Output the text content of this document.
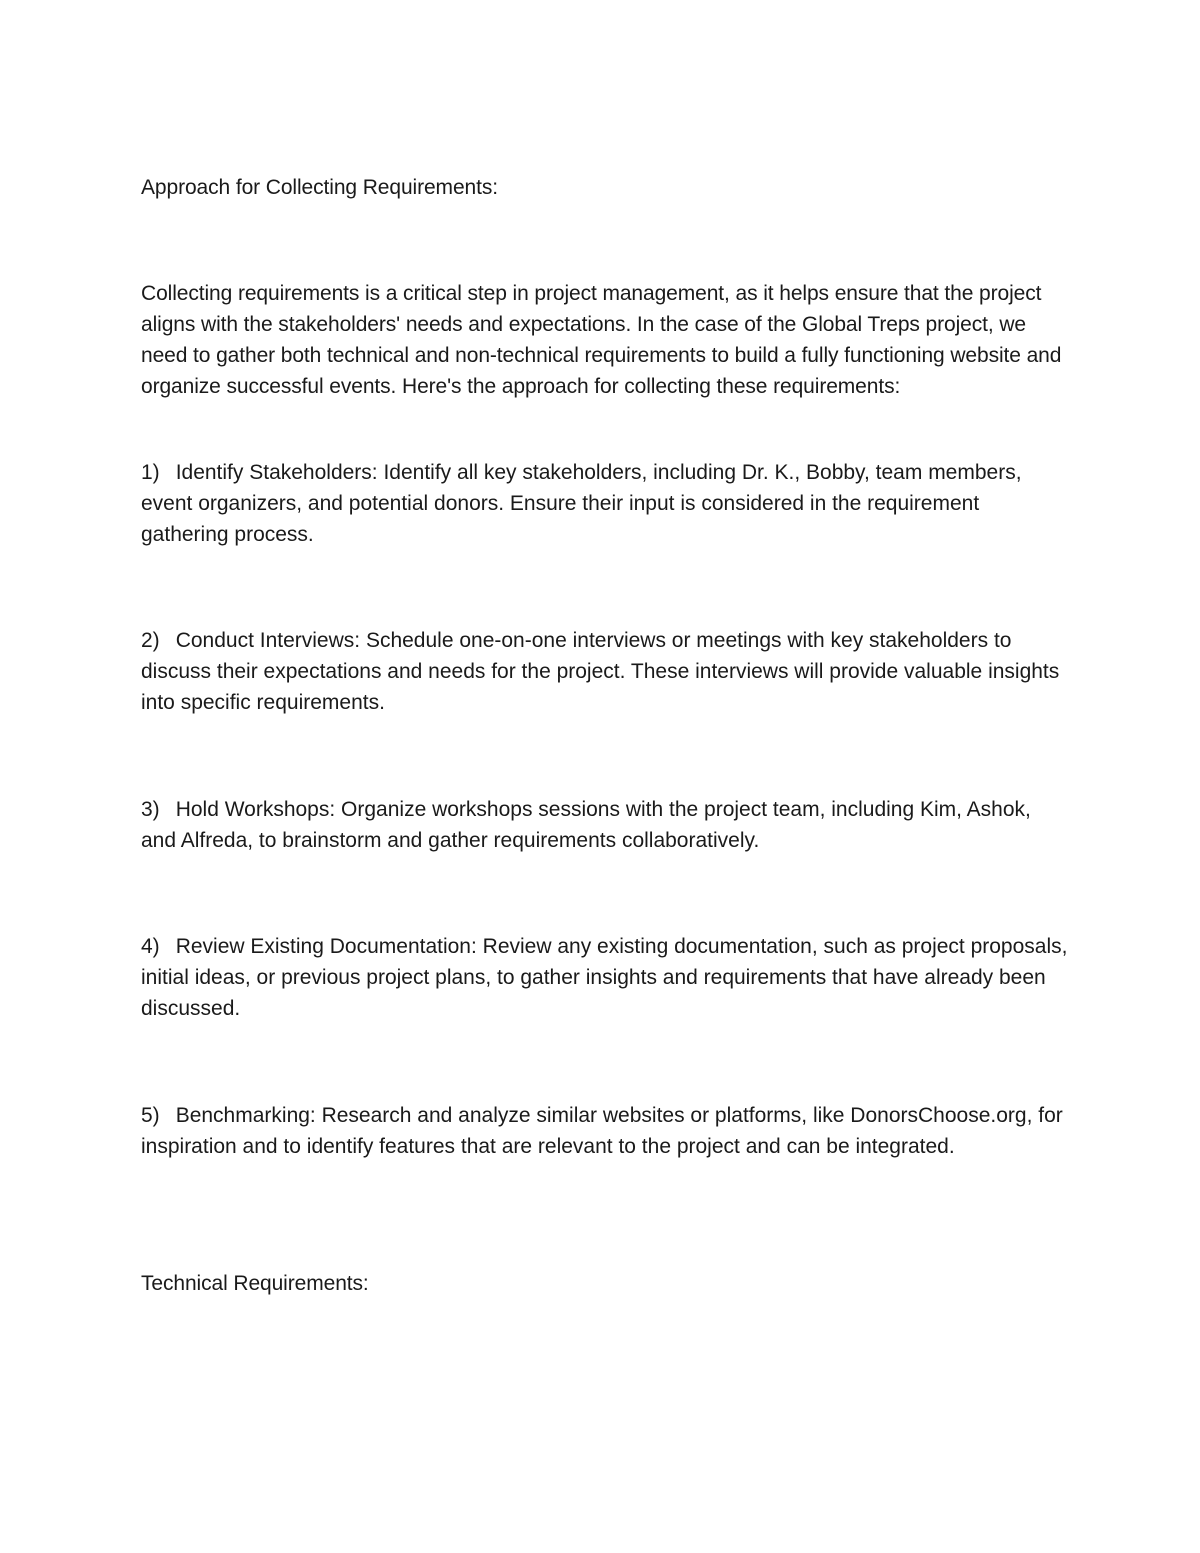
Approach for Collecting Requirements:
Collecting requirements is a critical step in project management, as it helps ensure that the project aligns with the stakeholders' needs and expectations. In the case of the Global Treps project, we need to gather both technical and non-technical requirements to build a fully functioning website and organize successful events. Here's the approach for collecting these requirements:
1) Identify Stakeholders: Identify all key stakeholders, including Dr. K., Bobby, team members, event organizers, and potential donors. Ensure their input is considered in the requirement gathering process.
2) Conduct Interviews: Schedule one-on-one interviews or meetings with key stakeholders to discuss their expectations and needs for the project. These interviews will provide valuable insights into specific requirements.
3) Hold Workshops: Organize workshops sessions with the project team, including Kim, Ashok, and Alfreda, to brainstorm and gather requirements collaboratively.
4) Review Existing Documentation: Review any existing documentation, such as project proposals, initial ideas, or previous project plans, to gather insights and requirements that have already been discussed.
5) Benchmarking: Research and analyze similar websites or platforms, like DonorsChoose.org, for inspiration and to identify features that are relevant to the project and can be integrated.
Technical Requirements:
